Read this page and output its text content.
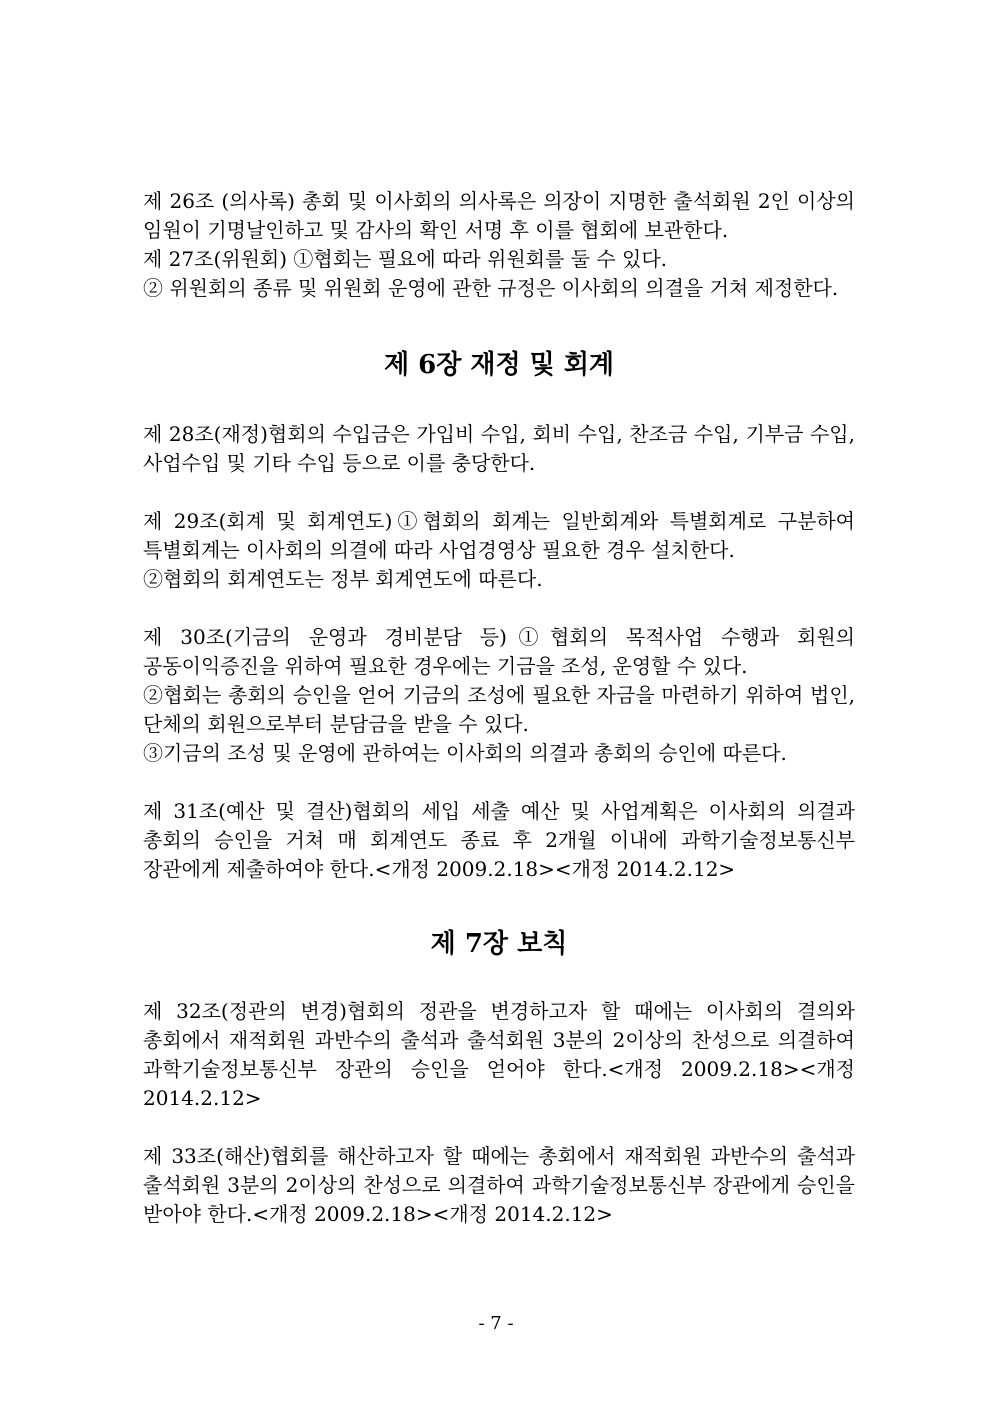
제 26조 (의사록) 총회 및 이사회의 의사록은 의장이 지명한 출석회원 2인 이상의 임원이 기명날인하고 및 감사의 확인 서명 후 이를 협회에 보관한다.

제 27조(위원회) ①협회는 필요에 따라 위원회를 둘 수 있다.

② 위원회의 종류 및 위원회 운영에 관한 규정은 이사회의 의결을 거쳐 제정한다.

제 6장 재정 및 회계

제 28조(재정)협회의 수입금은 가입비 수입, 회비 수입, 찬조금 수입, 기부금 수입, 사업수입 및 기타 수입 등으로 이를 충당한다.

제 29조(회계 및 회계연도)①협회의 회계는 일반회계와 특별회계로 구분하여 특별회계는 이사회의 의결에 따라 사업경영상 필요한 경우 설치한다.

②협회의 회계연도는 정부 회계연도에 따른다.

제 30조(기금의 운영과 경비분담 등)①협회의 목적사업 수행과 회원의 공동이익증진을 위하여 필요한 경우에는 기금을 조성, 운영할 수 있다.

②협회는 총회의 승인을 얻어 기금의 조성에 필요한 자금을 마련하기 위하여 법인, 단체의 회원으로부터 분담금을 받을 수 있다.

③기금의 조성 및 운영에 관하여는 이사회의 의결과 총회의 승인에 따른다.

제 31조(예산 및 결산)협회의 세입 세출 예산 및 사업계획은 이사회의 의결과 총회의 승인을 거쳐 매 회계연도 종료 후 2개월 이내에 과학기술정보통신부 장관에게 제출하여야 한다.<개정 2009.2.18><개정 2014.2.12>

제 7장 보칙

제 32조(정관의 변경)협회의 정관을 변경하고자 할 때에는 이사회의 결의와 총회에서 재적회원 과반수의 출석과 출석회원 3분의 2이상의 찬성으로 의결하여 과학기술정보통신부 장관의 승인을 얻어야 한다.<개정 2009.2.18><개정 2014.2.12>

제 33조(해산)협회를 해산하고자 할 때에는 총회에서 재적회원 과반수의 출석과 출석회원 3분의 2이상의 찬성으로 의결하여 과학기술정보통신부 장관에게 승인을 받아야 한다.<개정 2009.2.18><개정 2014.2.12>

- 7 -
